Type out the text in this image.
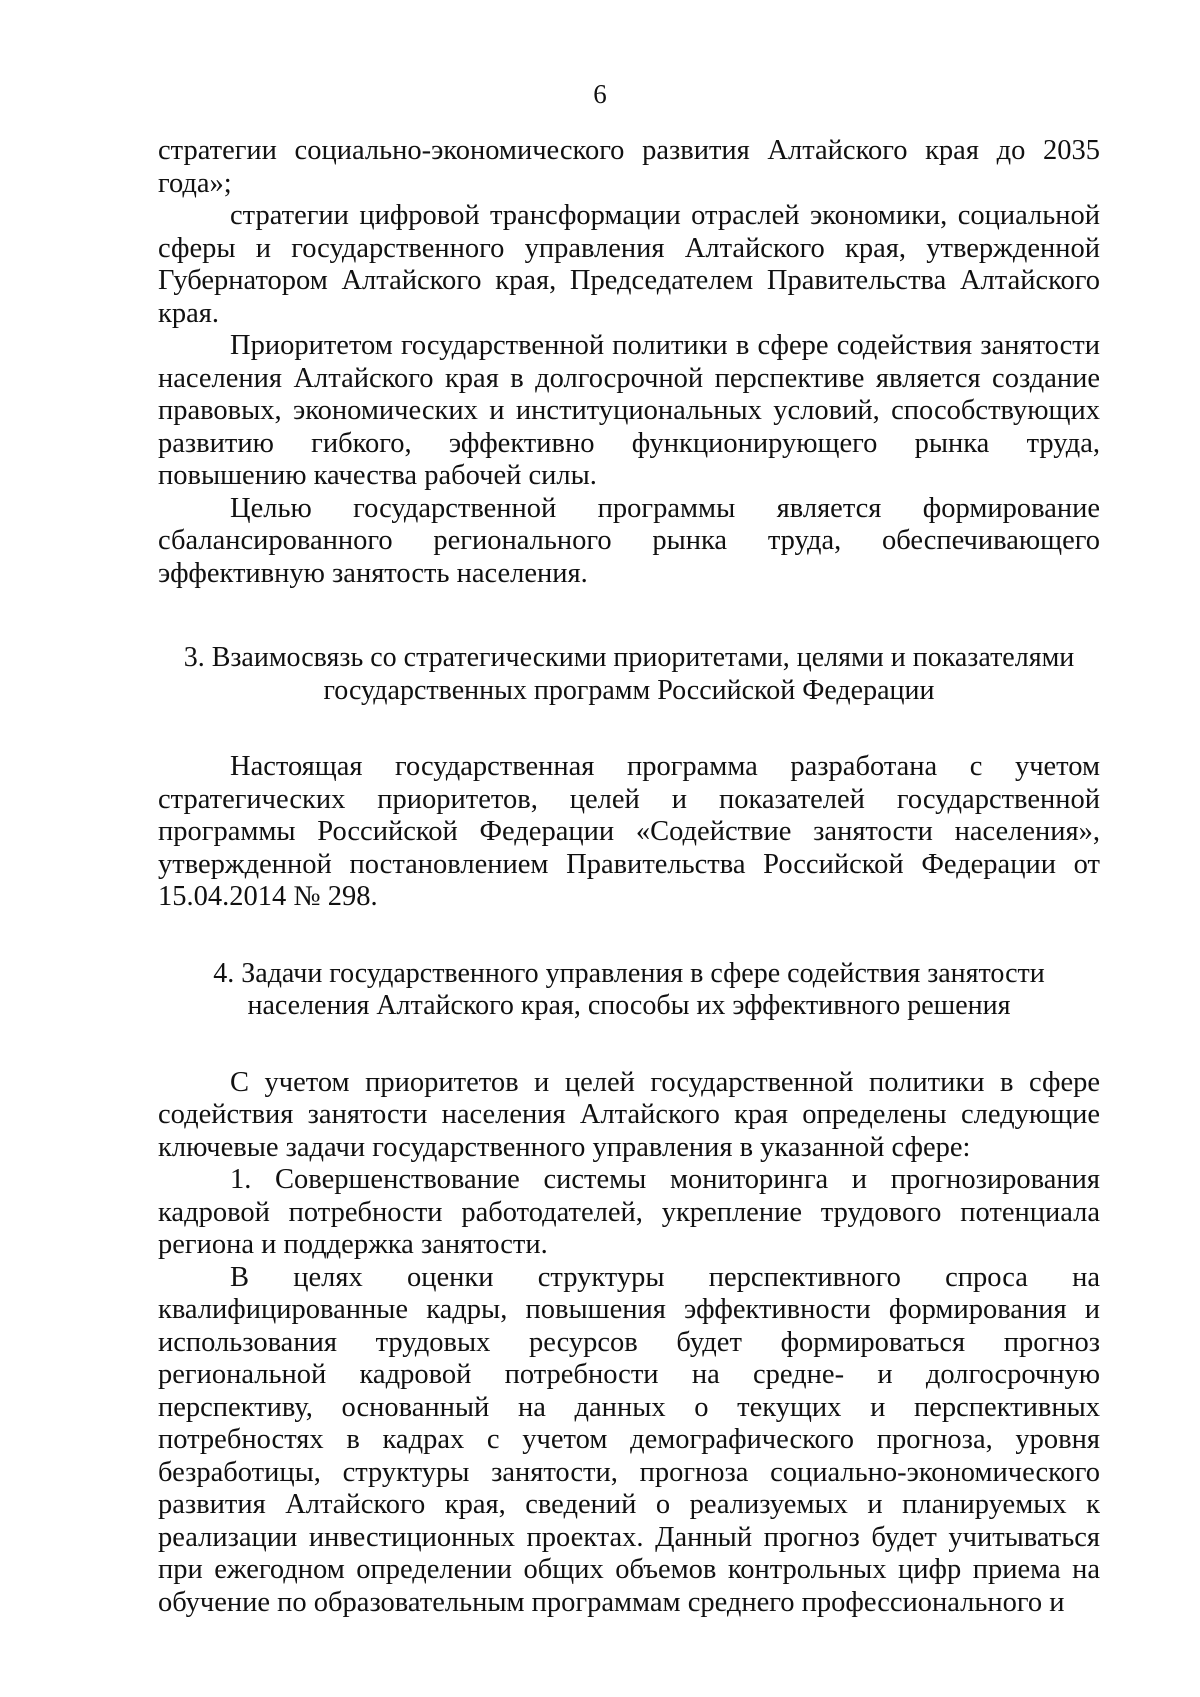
6

стратегии социально-экономического развития Алтайского края до 2035 года»;

стратегии цифровой трансформации отраслей экономики, социальной сферы и государственного управления Алтайского края, утвержденной Губернатором Алтайского края, Председателем Правительства Алтайского края.

Приоритетом государственной политики в сфере содействия занятости населения Алтайского края в долгосрочной перспективе является создание правовых, экономических и институциональных условий, способствующих развитию гибкого, эффективно функционирующего рынка труда, повышению качества рабочей силы.

Целью государственной программы является формирование сбалансированного регионального рынка труда, обеспечивающего эффективную занятость населения.

3. Взаимосвязь со стратегическими приоритетами, целями и показателями государственных программ Российской Федерации

Настоящая государственная программа разработана с учетом стратегических приоритетов, целей и показателей государственной программы Российской Федерации «Содействие занятости населения», утвержденной постановлением Правительства Российской Федерации от 15.04.2014 № 298.

4. Задачи государственного управления в сфере содействия занятости населения Алтайского края, способы их эффективного решения

С учетом приоритетов и целей государственной политики в сфере содействия занятости населения Алтайского края определены следующие ключевые задачи государственного управления в указанной сфере:

1. Совершенствование системы мониторинга и прогнозирования кадровой потребности работодателей, укрепление трудового потенциала региона и поддержка занятости.

В целях оценки структуры перспективного спроса на квалифицированные кадры, повышения эффективности формирования и использования трудовых ресурсов будет формироваться прогноз региональной кадровой потребности на средне- и долгосрочную перспективу, основанный на данных о текущих и перспективных потребностях в кадрах с учетом демографического прогноза, уровня безработицы, структуры занятости, прогноза социально-экономического развития Алтайского края, сведений о реализуемых и планируемых к реализации инвестиционных проектах. Данный прогноз будет учитываться при ежегодном определении общих объемов контрольных цифр приема на обучение по образовательным программам среднего профессионального и
